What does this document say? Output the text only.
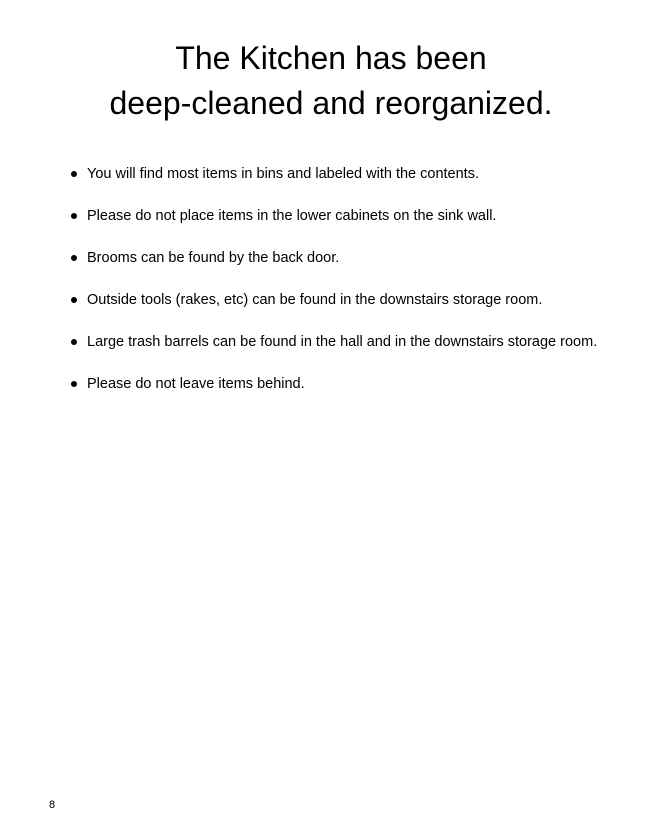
The Kitchen has been
deep-cleaned and reorganized.
You will find most items in bins and labeled with the contents.
Please do not place items in the lower cabinets on the sink wall.
Brooms can be found by the back door.
Outside tools (rakes, etc) can be found in the downstairs storage room.
Large trash barrels can be found in the hall and in the downstairs storage room.
Please do not leave items behind.
8
